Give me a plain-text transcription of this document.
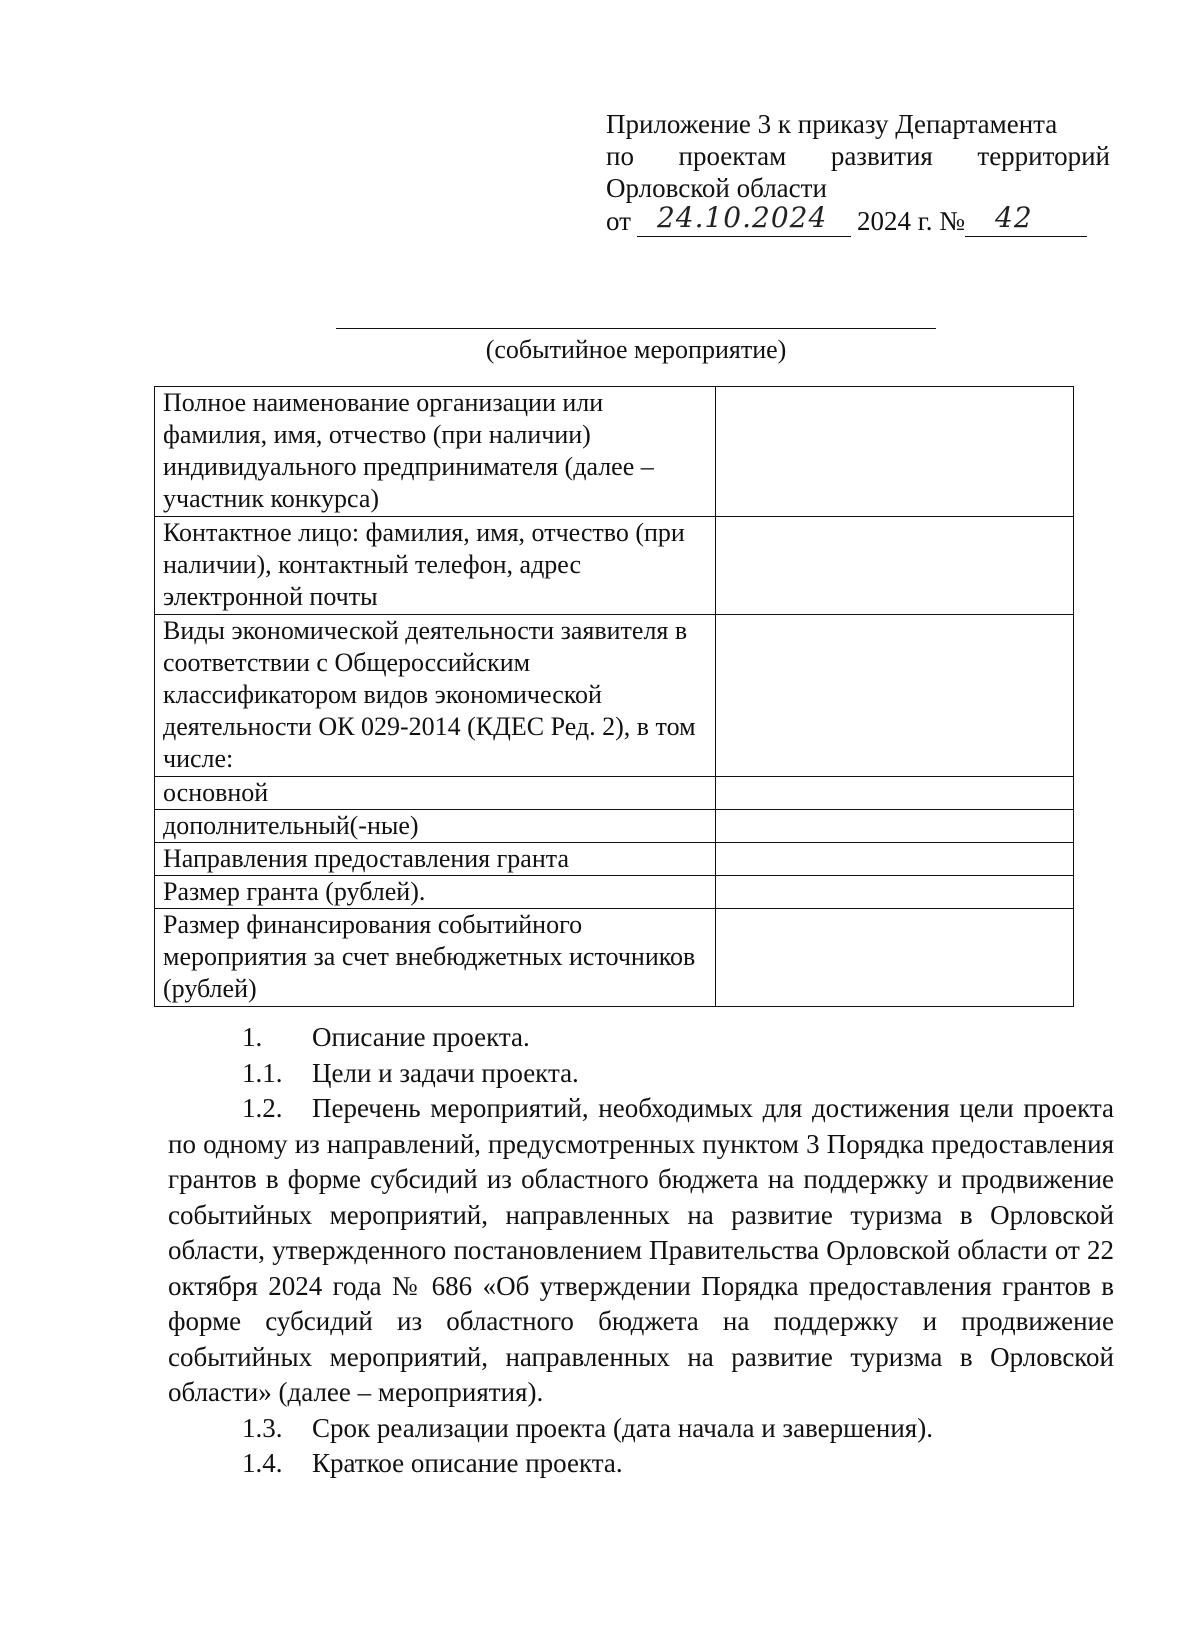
Приложение 3 к приказу Департамента
по проектам развития территорий
Орловской области
от 24.10.2024 2024 г. № 42
(событийное мероприятие)
Полное наименование организации или фамилия, имя, отчество (при наличии) индивидуального предпринимателя (далее – участник конкурса)	
Контактное лицо: фамилия, имя, отчество (при наличии), контактный телефон, адрес электронной почты	
Виды экономической деятельности заявителя в соответствии с Общероссийским классификатором видов экономической деятельности ОК 029-2014 (КДЕС Ред. 2), в том числе:	
основной	
дополнительный(-ные)	
Направления предоставления гранта	
Размер гранта (рублей).	
Размер финансирования событийного мероприятия за счет внебюджетных источников (рублей)	
1.	Описание проекта.
1.1.	Цели и задачи проекта.
1.2. Перечень мероприятий, необходимых для достижения цели проекта по одному из направлений, предусмотренных пунктом 3 Порядка предоставления грантов в форме субсидий из областного бюджета на поддержку и продвижение событийных мероприятий, направленных на развитие туризма в Орловской области, утвержденного постановлением Правительства Орловской области от 22 октября 2024 года № 686 «Об утверждении Порядка предоставления грантов в форме субсидий из областного бюджета на поддержку и продвижение событийных мероприятий, направленных на развитие туризма в Орловской области» (далее – мероприятия).
1.3.	Срок реализации проекта (дата начала и завершения).
1.4.	Краткое описание проекта.
